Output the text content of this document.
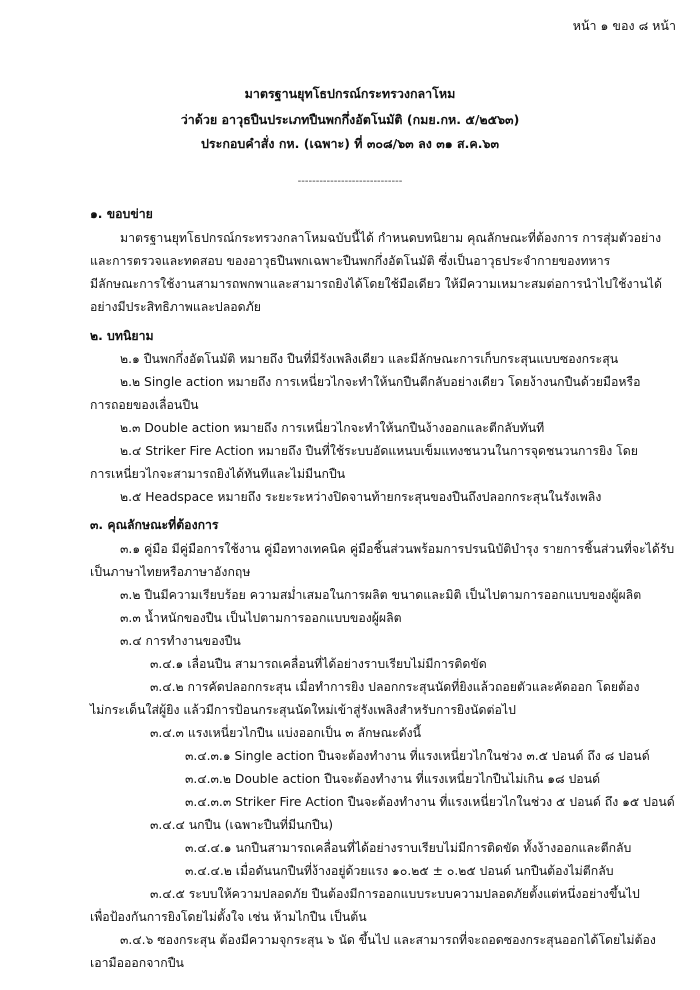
หน้า ๑ ของ ๘ หน้า
มาตรฐานยุทโธปกรณ์กระทรวงกลาโหม
ว่าด้วย อาวุธปืนประเภทปืนพกกึ่งอัตโนมัติ (กมย.กห. ๕/๒๕๖๓)
ประกอบคำสั่ง กห. (เฉพาะ) ที่ ๓๐๘/๖๓ ลง ๓๑ ส.ค.๖๓
-----------------------------
๑. ขอบข่าย
มาตรฐานยุทโธปกรณ์กระทรวงกลาโหมฉบับนี้ได้ กำหนดบทนิยาม คุณลักษณะที่ต้องการ การสุ่มตัวอย่าง
และการตรวจและทดสอบ ของอาวุธปืนพกเฉพาะปืนพกกึ่งอัตโนมัติ ซึ่งเป็นอาวุธประจำกายของทหาร
มีลักษณะการใช้งานสามารถพกพาและสามารถยิงได้โดยใช้มือเดียว ให้มีความเหมาะสมต่อการนำไปใช้งานได้
อย่างมีประสิทธิภาพและปลอดภัย
๒. บทนิยาม
๒.๑ ปืนพกกึ่งอัตโนมัติ หมายถึง ปืนที่มีรังเพลิงเดียว และมีลักษณะการเก็บกระสุนแบบซองกระสุน
๒.๒ Single action หมายถึง การเหนี่ยวไกจะทำให้นกปืนตีกลับอย่างเดียว โดยง้างนกปืนด้วยมือหรือ
การถอยของเลื่อนปืน
๒.๓ Double action หมายถึง การเหนี่ยวไกจะทำให้นกปืนง้างออกและตีกลับทันที
๒.๔ Striker Fire Action หมายถึง ปืนที่ใช้ระบบอัดแหนบเข็มแทงชนวนในการจุดชนวนการยิง โดย
การเหนี่ยวไกจะสามารถยิงได้ทันทีและไม่มีนกปืน
๒.๕ Headspace หมายถึง ระยะระหว่างปิดจานท้ายกระสุนของปืนถึงปลอกกระสุนในรังเพลิง
๓. คุณลักษณะที่ต้องการ
๓.๑ คู่มือ มีคู่มือการใช้งาน คู่มือทางเทคนิค คู่มือชิ้นส่วนพร้อมการปรนนิบัติบำรุง รายการชิ้นส่วนที่จะได้รับ
เป็นภาษาไทยหรือภาษาอังกฤษ
๓.๒ ปืนมีความเรียบร้อย ความสม่ำเสมอในการผลิต ขนาดและมิติ เป็นไปตามการออกแบบของผู้ผลิต
๓.๓ น้ำหนักของปืน เป็นไปตามการออกแบบของผู้ผลิต
๓.๔ การทำงานของปืน
๓.๔.๑ เลื่อนปืน สามารถเคลื่อนที่ได้อย่างราบเรียบไม่มีการติดขัด
๓.๔.๒ การคัดปลอกกระสุน เมื่อทำการยิง ปลอกกระสุนนัดที่ยิงแล้วถอยตัวและคัดออก โดยต้อง
ไม่กระเด็นใส่ผู้ยิง แล้วมีการป้อนกระสุนนัดใหม่เข้าสู่รังเพลิงสำหรับการยิงนัดต่อไป
๓.๔.๓ แรงเหนี่ยวไกปืน แบ่งออกเป็น ๓ ลักษณะดังนี้
๓.๔.๓.๑ Single action ปืนจะต้องทำงาน ที่แรงเหนี่ยวไกในช่วง ๓.๕ ปอนด์ ถึง ๘ ปอนด์
๓.๔.๓.๒ Double action ปืนจะต้องทำงาน ที่แรงเหนี่ยวไกปืนไม่เกิน ๑๘ ปอนด์
๓.๔.๓.๓ Striker Fire Action ปืนจะต้องทำงาน ที่แรงเหนี่ยวไกในช่วง ๕ ปอนด์ ถึง ๑๕ ปอนด์
๓.๔.๔ นกปืน (เฉพาะปืนที่มีนกปืน)
๓.๔.๔.๑ นกปืนสามารถเคลื่อนที่ได้อย่างราบเรียบไม่มีการติดขัด ทั้งง้างออกและตีกลับ
๓.๔.๔.๒ เมื่อดันนกปืนที่ง้างอยู่ด้วยแรง ๑๐.๒๕ ± ๐.๒๕ ปอนด์ นกปืนต้องไม่ตีกลับ
๓.๔.๕ ระบบให้ความปลอดภัย ปืนต้องมีการออกแบบระบบความปลอดภัยตั้งแต่หนึ่งอย่างขึ้นไป
เพื่อป้องกันการยิงโดยไม่ตั้งใจ เช่น ห้ามไกปืน เป็นต้น
๓.๔.๖ ซองกระสุน ต้องมีความจุกระสุน ๖ นัด ขึ้นไป และสามารถที่จะถอดซองกระสุนออกได้โดยไม่ต้อง
เอามือออกจากปืน
